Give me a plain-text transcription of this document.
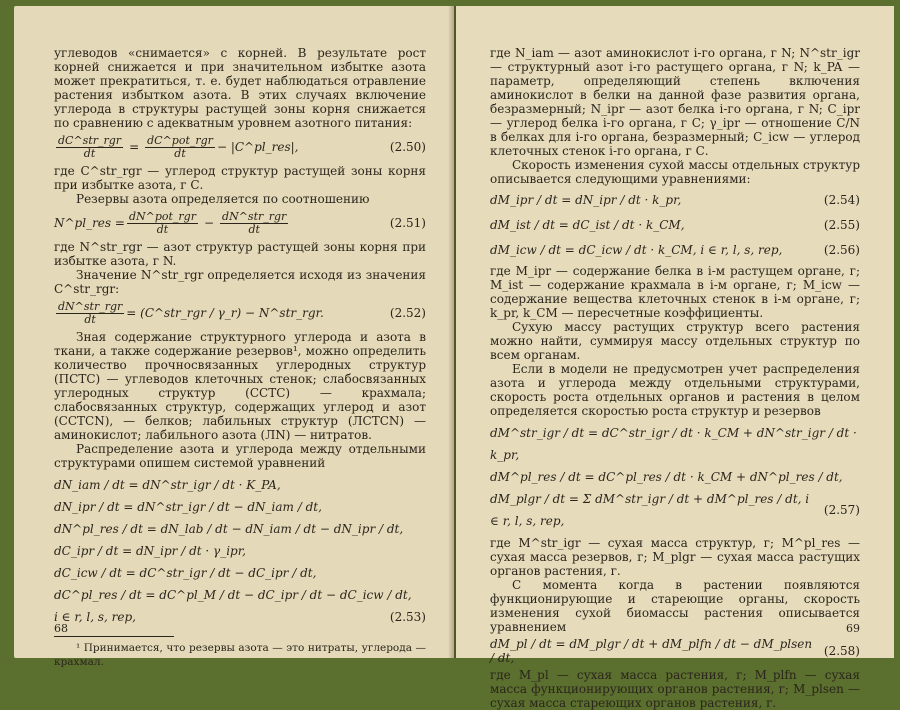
углеводов «снимается» с корней. В результате рост корней снижается и при значительном избытке азота может прекратиться, т. е. будет наблюдаться отравление растения избытком азота. В этих случаях включение углерода в структуры растущей зоны корня снижается по сравнению с адекватным уровнем азотного питания:

$\frac{\text{dC\textasciicircum{}str\_rgr}}{dt} = \frac{\text{dC\textasciicircum{}pot\_rgr}}{dt}$ − |C^pl_res|,	(2.50)

где C^str_rgr — углерод структур растущей зоны корня при избытке азота, г С.

Резервы азота определяется по соотношению

N^pl_res = $\frac{\text{dN\textasciicircum{}pot\_rgr}}{dt} - \frac{\text{dN\textasciicircum{}str\_rgr}}{dt}$	(2.51)

где N^str_rgr — азот структур растущей зоны корня при избытке азота, г N.

Значение N^str_rgr определяется исходя из значения C^str_rgr:

$\frac{\text{dN\textasciicircum{}str\_rgr}}{dt}$ = (C^str_rgr / γ_r) − N^str_rgr.	(2.52)

Зная содержание структурного углерода и азота в ткани, а также содержание резервов¹, можно определить количество прочносвязанных углеродных структур (ПСТС) — углеводов клеточных стенок; слабосвязанных углеродных структур (ССТС) — крахмала; слабосвязанных структур, содержащих углерод и азот (ССТСN), — белков; лабильных структур (ЛСТСN) — аминокислот; лабильного азота (ЛN) — нитратов.

Распределение азота и углерода между отдельными структурами опишем системой уравнений

dN_iam / dt = dN^str_igr / dt · K_PA,
dN_ipr / dt = dN^str_igr / dt − dN_iam / dt,
dN^pl_res / dt = dN_lab / dt − dN_iam / dt − dN_ipr / dt,
dC_ipr / dt = dN_ipr / dt · γ_ipr,
dC_icw / dt = dC^str_igr / dt − dC_ipr / dt,
dC^pl_res / dt = dC^pl_M / dt − dC_ipr / dt − dC_icw / dt,
i ∈ r, l, s, rep,	(2.53)

¹ Принимается, что резервы азота — это нитраты, углерода — крахмал.

68

где N_iam — азот аминокислот i-го органа, г N; N^str_igr — структурный азот i-го растущего органа, г N; k_PA — параметр, определяющий степень включения аминокислот в белки на данной фазе развития органа, безразмерный; N_ipr — азот белка i-го органа, г N; C_ipr — углерод белка i-го органа, г С; γ_ipr — отношение C/N в белках для i-го органа, безразмерный; C_icw — углерод клеточных стенок i-го органа, г С.

Скорость изменения сухой массы отдельных структур описывается следующими уравнениями:

dM_ipr / dt = dN_ipr / dt · k_pr,	(2.54)
dM_ist / dt = dC_ist / dt · k_CM,	(2.55)
dM_icw / dt = dC_icw / dt · k_CM, i ∈ r, l, s, rep,	(2.56)

где M_ipr — содержание белка в i-м растущем органе, г; M_ist — содержание крахмала в i-м органе, г; M_icw — содержание вещества клеточных стенок в i-м органе, г; k_pr, k_CM — пересчетные коэффициенты.

Сухую массу растущих структур всего растения можно найти, суммируя массу отдельных структур по всем органам.

Если в модели не предусмотрен учет распределения азота и углерода между отдельными структурами, скорость роста отдельных органов и растения в целом определяется скоростью роста структур и резервов

dM^str_igr / dt = dC^str_igr / dt · k_CM + dN^str_igr / dt · k_pr,
dM^pl_res / dt = dC^pl_res / dt · k_CM + dN^pl_res / dt,
dM_plgr / dt = Σ dM^str_igr / dt + dM^pl_res / dt, i ∈ r, l, s, rep,
(2.57)

где M^str_igr — сухая масса структур, г; M^pl_res — сухая масса резервов, г; M_plgr — сухая масса растущих органов растения, г.

С момента когда в растении появляются функционирующие и стареющие органы, скорость изменения сухой биомассы растения описывается уравнением

dM_pl / dt = dM_plgr / dt + dM_plfn / dt − dM_plsen / dt,	(2.58)

где M_pl — сухая масса растения, г; M_plfn — сухая масса функционирующих органов растения, г; M_plsen — сухая масса стареющих органов растения, г.

69
